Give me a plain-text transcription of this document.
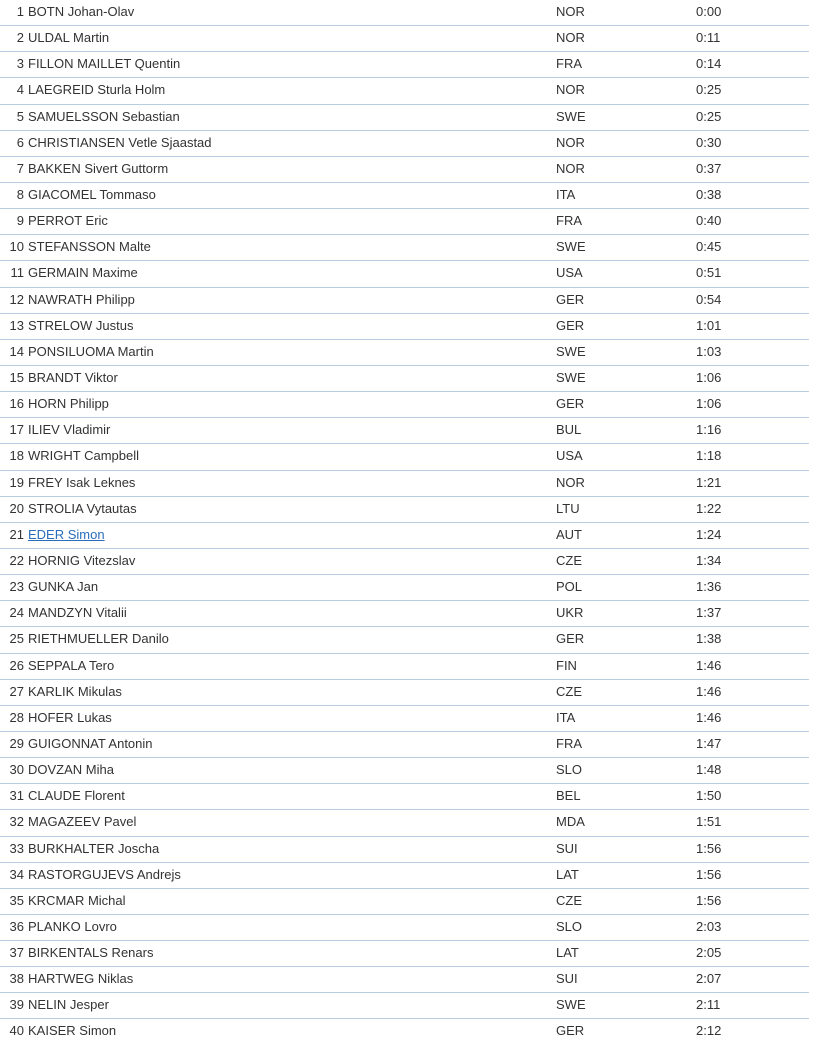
1 BOTN Johan-Olav	NOR	0:00
2 ULDAL Martin	NOR	0:11
3 FILLON MAILLET Quentin	FRA	0:14
4 LAEGREID Sturla Holm	NOR	0:25
5 SAMUELSSON Sebastian	SWE	0:25
6 CHRISTIANSEN Vetle Sjaastad	NOR	0:30
7 BAKKEN Sivert Guttorm	NOR	0:37
8 GIACOMEL Tommaso	ITA	0:38
9 PERROT Eric	FRA	0:40
10 STEFANSSON Malte	SWE	0:45
11 GERMAIN Maxime	USA	0:51
12 NAWRATH Philipp	GER	0:54
13 STRELOW Justus	GER	1:01
14 PONSILUOMA Martin	SWE	1:03
15 BRANDT Viktor	SWE	1:06
16 HORN Philipp	GER	1:06
17 ILIEV Vladimir	BUL	1:16
18 WRIGHT Campbell	USA	1:18
19 FREY Isak Leknes	NOR	1:21
20 STROLIA Vytautas	LTU	1:22
21 EDER Simon	AUT	1:24
22 HORNIG Vitezslav	CZE	1:34
23 GUNKA Jan	POL	1:36
24 MANDZYN Vitalii	UKR	1:37
25 RIETHMUELLER Danilo	GER	1:38
26 SEPPALA Tero	FIN	1:46
27 KARLIK Mikulas	CZE	1:46
28 HOFER Lukas	ITA	1:46
29 GUIGONNAT Antonin	FRA	1:47
30 DOVZAN Miha	SLO	1:48
31 CLAUDE Florent	BEL	1:50
32 MAGAZEEV Pavel	MDA	1:51
33 BURKHALTER Joscha	SUI	1:56
34 RASTORGUJEVS Andrejs	LAT	1:56
35 KRCMAR Michal	CZE	1:56
36 PLANKO Lovro	SLO	2:03
37 BIRKENTALS Renars	LAT	2:05
38 HARTWEG Niklas	SUI	2:07
39 NELIN Jesper	SWE	2:11
40 KAISER Simon	GER	2:12
